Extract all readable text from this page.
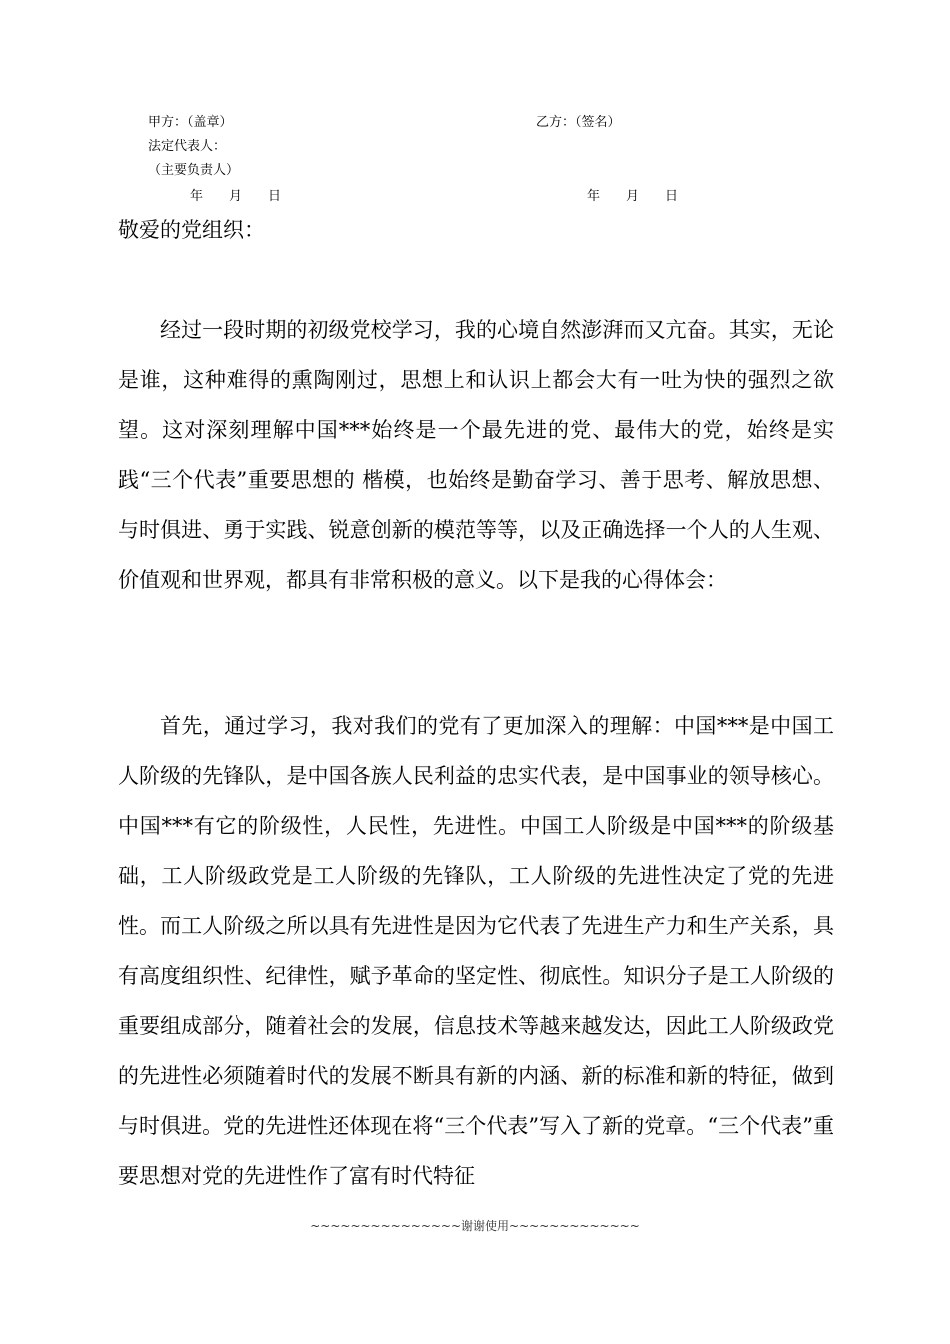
甲方：（盖章）
法定代表人：
（主要负责人）
年　　月　　日
乙方：（签名）
年　　月　　日
敬爱的党组织：

经过一段时期的初级党校学习，我的心境自然澎湃而又亢奋。其实，无论是谁，这种难得的熏陶刚过，思想上和认识上都会大有一吐为快的强烈之欲望。这对深刻理解中国***始终是一个最先进的党、最伟大的党，始终是实践“三个代表”重要思想的 楷模，也始终是勤奋学习、善于思考、解放思想、与时俱进、勇于实践、锐意创新的模范等等，以及正确选择一个人的人生观、价值观和世界观，都具有非常积极的意义。以下是我的心得体会：

首先，通过学习，我对我们的党有了更加深入的理解：中国***是中国工人阶级的先锋队，是中国各族人民利益的忠实代表，是中国事业的领导核心。中国***有它的阶级性，人民性，先进性。中国工人阶级是中国***的阶级基础，工人阶级政党是工人阶级的先锋队，工人阶级的先进性决定了党的先进性。而工人阶级之所以具有先进性是因为它代表了先进生产力和生产关系，具有高度组织性、纪律性，赋予革命的坚定性、彻底性。知识分子是工人阶级的重要组成部分，随着社会的发展，信息技术等越来越发达，因此工人阶级政党的先进性必须随着时代的发展不断具有新的内涵、新的标准和新的特征，做到与时俱进。党的先进性还体现在将“三个代表”写入了新的党章。“三个代表”重要思想对党的先进性作了富有时代特征

~~~~~~~~~~~~~~~谢谢使用~~~~~~~~~~~~~
